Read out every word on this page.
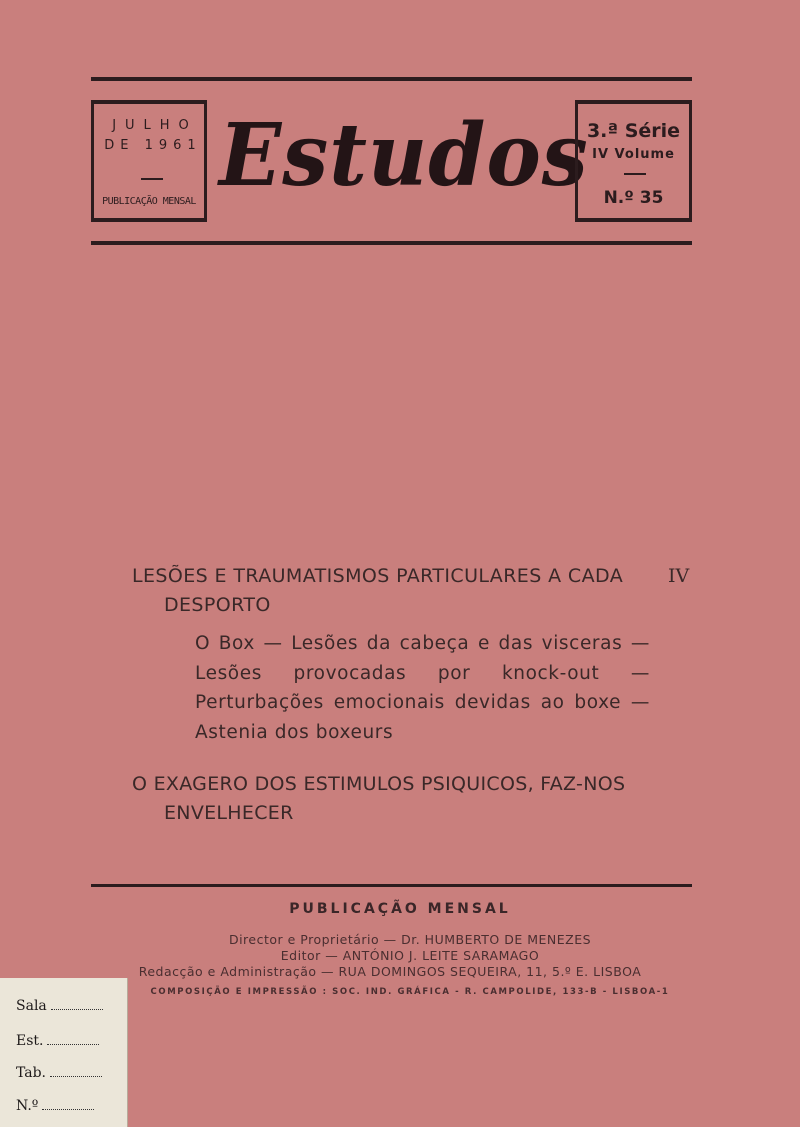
JULHO
DE 1961
PUBLICAÇÃO MENSAL Estudos
3.ª Série
IV Volume
N.º 35
LESÕES E TRAUMATISMOS PARTICULARES A CADA	IV
DESPORTO
O Box — Lesões da cabeça e das visceras — Lesões provocadas por knock-out — Perturbações emocionais devidas ao boxe — Astenia dos boxeurs
O EXAGERO DOS ESTIMULOS PSIQUICOS, FAZ-NOS
ENVELHECER
PUBLICAÇÃO MENSAL
Director e Proprietário — Dr. HUMBERTO DE MENEZES
Editor — ANTÓNIO J. LEITE SARAMAGO
Redacção e Administração — RUA DOMINGOS SEQUEIRA, 11, 5.º E. LISBOA
COMPOSIÇÃO E IMPRESSÃO : SOC. IND. GRÁFICA - R. CAMPOLIDE, 133-B - LISBOA-1
Sala
Est.
Tab.
N.º
